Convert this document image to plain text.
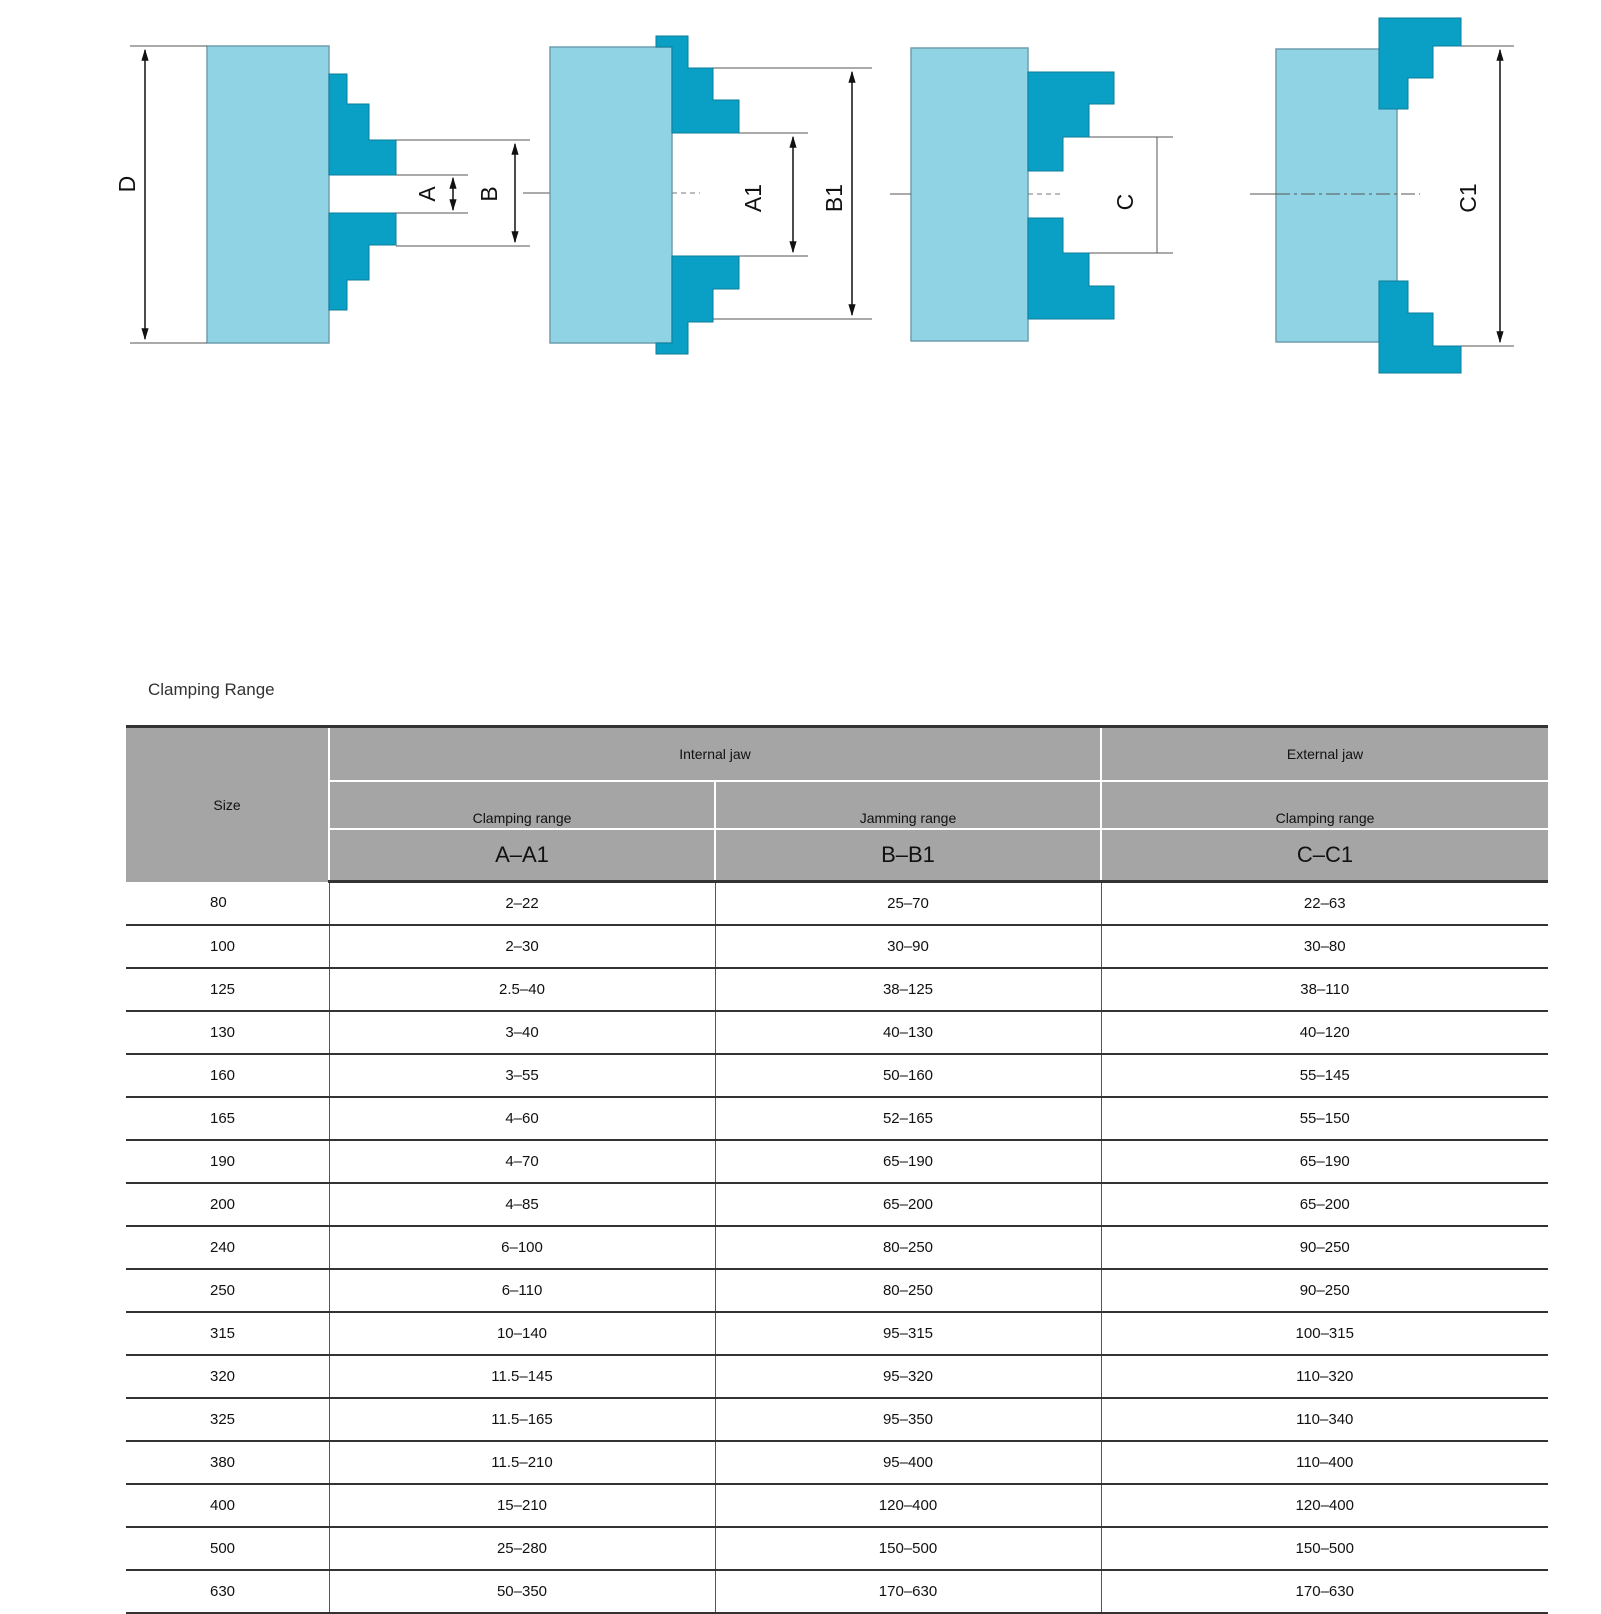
D
A B	A1 B1	C	C1
Clamping Range
Size	Internal jaw		External jaw
	Clamping range	Jamming range	Clamping range
	A–A1	B–B1	C–C1
80	2–22	25–70	22–63
100	2–30	30–90	30–80
125	2.5–40	38–125	38–110
130	3–40	40–130	40–120
160	3–55	50–160	55–145
165	4–60	52–165	55–150
190	4–70	65–190	65–190
200	4–85	65–200	65–200
240	6–100	80–250	90–250
250	6–110	80–250	90–250
315	10–140	95–315	100–315
320	11.5–145	95–320	110–320
325	11.5–165	95–350	110–340
380	11.5–210	95–400	110–400
400	15–210	120–400	120–400
500	25–280	150–500	150–500
630	50–350	170–630	170–630
